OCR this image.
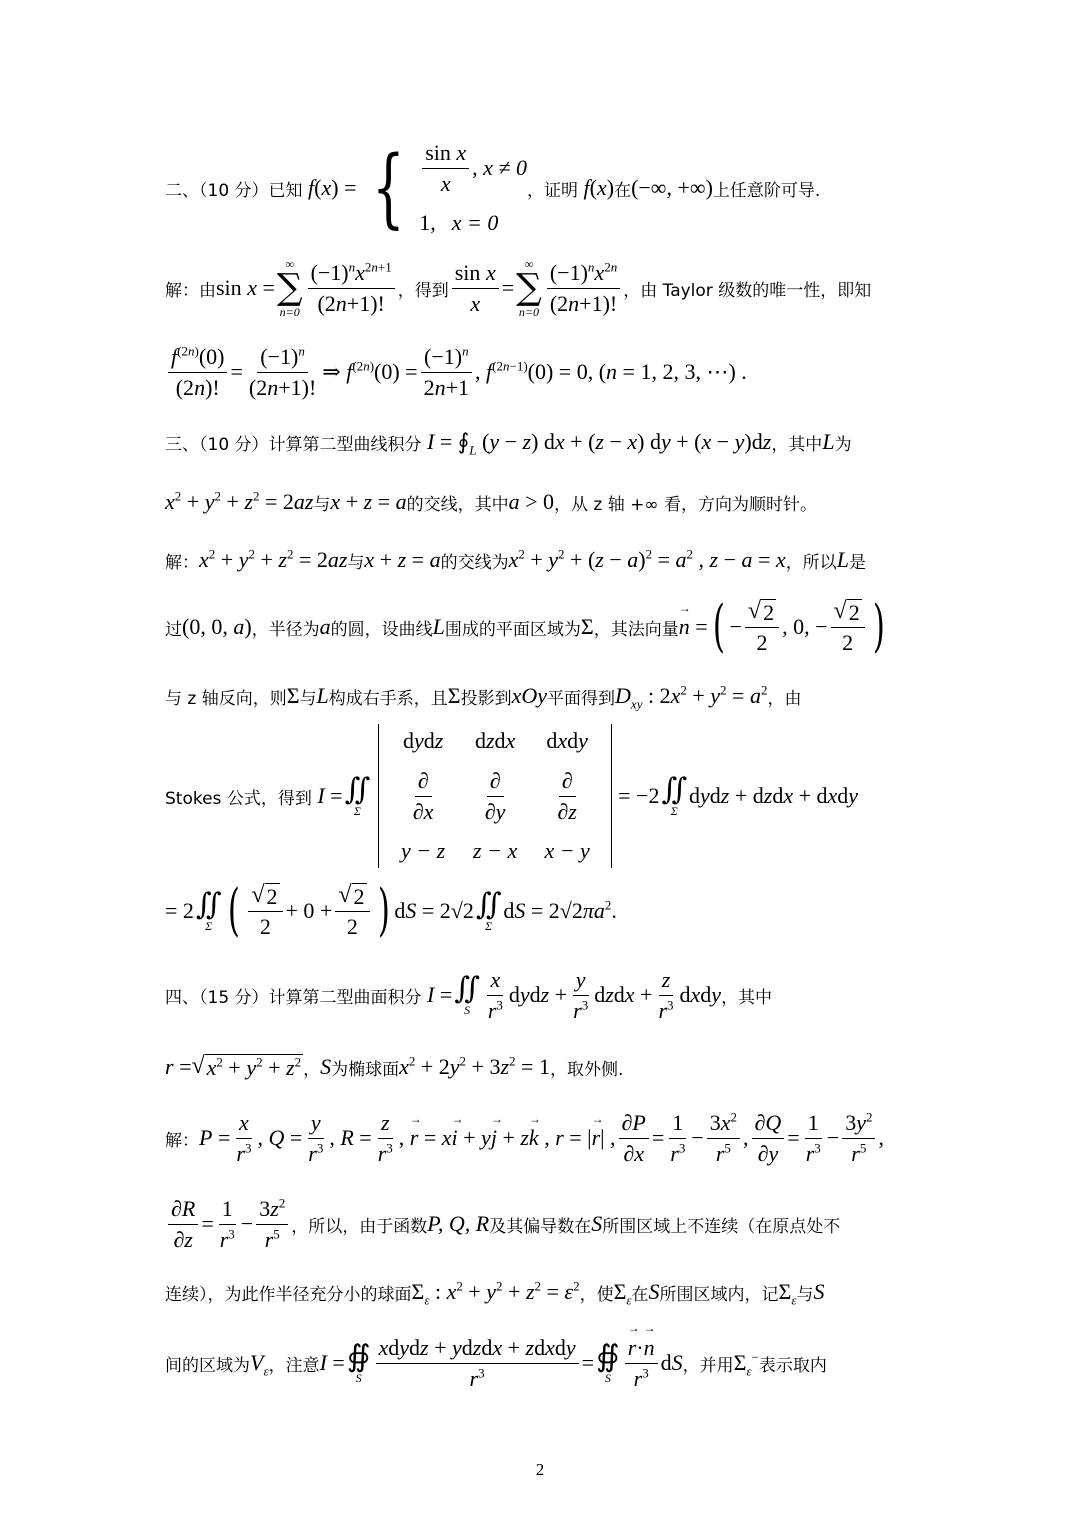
二、（10 分）已知 f ( x ) = { $\frac{\text{sin x}}{x}$ , x ≠ 0
1, x = 0
，证明 f ( x ) 在 (−∞, +∞) 上任意阶可导.
解：由 sin x =
∞
∑
$n=0 \frac{(-1)^nx^{2n+1}}{(2n+1)!}$ ，得到 $\frac{\text{sin x}}{x}$ =
∞
∑
$n=0 \frac{(-1)^nx^{2n}}{(2n+1)!}$ ，由 Taylor 级数的唯一性，即知
$\frac{f^{(2n)}(0)}{(2n)!} = \frac{(-1)^n}{(2n+1)!}$ ⇒ $f^{(2n)}(0) = \frac{(-1)^n}{2n+1}$ , $f^{(2n-1)}(0) = 0$, (n = 1, 2, 3, ⋯) .
三、（10 分）计算第二型曲线积分 $I = ∮_L$ (y − z) dx + (z − x) dy + (x − y)dz ，其中 L 为
$x^2 + y^2 + z^2 = 2az$ 与 x + z = a 的交线，其中 a > 0 ，从 z 轴 +∞ 看，方向为顺时针。
解： $x^2 + y^2 + z^2 = 2az$ 与 x + z = a 的交线为 $x^2 + y^2 + (z - a)^2 = a^2$ , z − a = x ，所以 L 是
过 (0, 0, a) ，半径为 a 的圆，设曲线 L 围成的平面区域为 Σ ，其法向量
→ n = ( − $\frac{√ 2}{2}$ , 0, − $\frac{√ 2}{2}$ )
与 z 轴反向，则 Σ 与 L 构成右手系，且 Σ 投影到 xOy 平面得到 $D_{xy}$ : $2x^2 + y^2 = a^2$ ，由
Stokes 公式，得到 I = ∬
Σ
dydz	dzdx	dxdy
$\frac{\partial}{\partial x} \frac{\partial}{\partial y} \frac{\partial}{\partial z}$
y − z	z − x	x − y
= −2 ∬
Σ
dydz + dzdx + dxdy
= 2 ∬
Σ ( $\frac{√ 2}{2} + 0 + \frac{√ 2}{2}$ ) dS = 2√2 ∬
Σ
dS = $2√2\pi a^2$.
四、（15 分）计算第二型曲面积分 I = ∬
S $\frac{x}{r^3}$ dydz + $\frac{y}{r^3}$ dzdx + $\frac{z}{r^3}$ dxdy ，其中
r = √ $x^2 + y^2 + z^2$ ， S 为椭球面 $x^2 + 2y^2 + 3z^2 = 1$ ，取外侧.
解： $P = \frac{x}{r^3}$ , $Q = \frac{y}{r^3}$ , $R = \frac{z}{r^3}$ , → r = x→ i + y→ j + z→ k , r = |→ r| , $\frac{\partial P}{\partial x} = \frac{1}{r^3} - \frac{3x^2}{r^5}$ , $\frac{\partial Q}{\partial y} = \frac{1}{r^3} - \frac{3y^2}{r^5}$ ,
$\frac{\partial R}{\partial z} = \frac{1}{r^3} - \frac{3z^2}{r^5}$ ，所以，由于函数 P, Q, R 及其偏导数在 S 所围区域上不连续（在原点处不
连续），为此作半径充分小的球面 $\Sigma_\varepsilon$ : $x^2 + y^2 + z^2 = \varepsilon^2$ ，使 $\Sigma_\varepsilon$ 在 S 所围区域内，记 $\Sigma_\varepsilon$ 与 S
间的区域为 $V_\varepsilon$ ，注意 I = ∯
S $\frac{\text{xdydz + ydzdx + zdxdy}}{r^3}$ = ∯
S
→ $\frac{r\cdot\to n}{r^3}$ dS ，并用 $\Sigma_\varepsilon^-$ 表示取内
2
